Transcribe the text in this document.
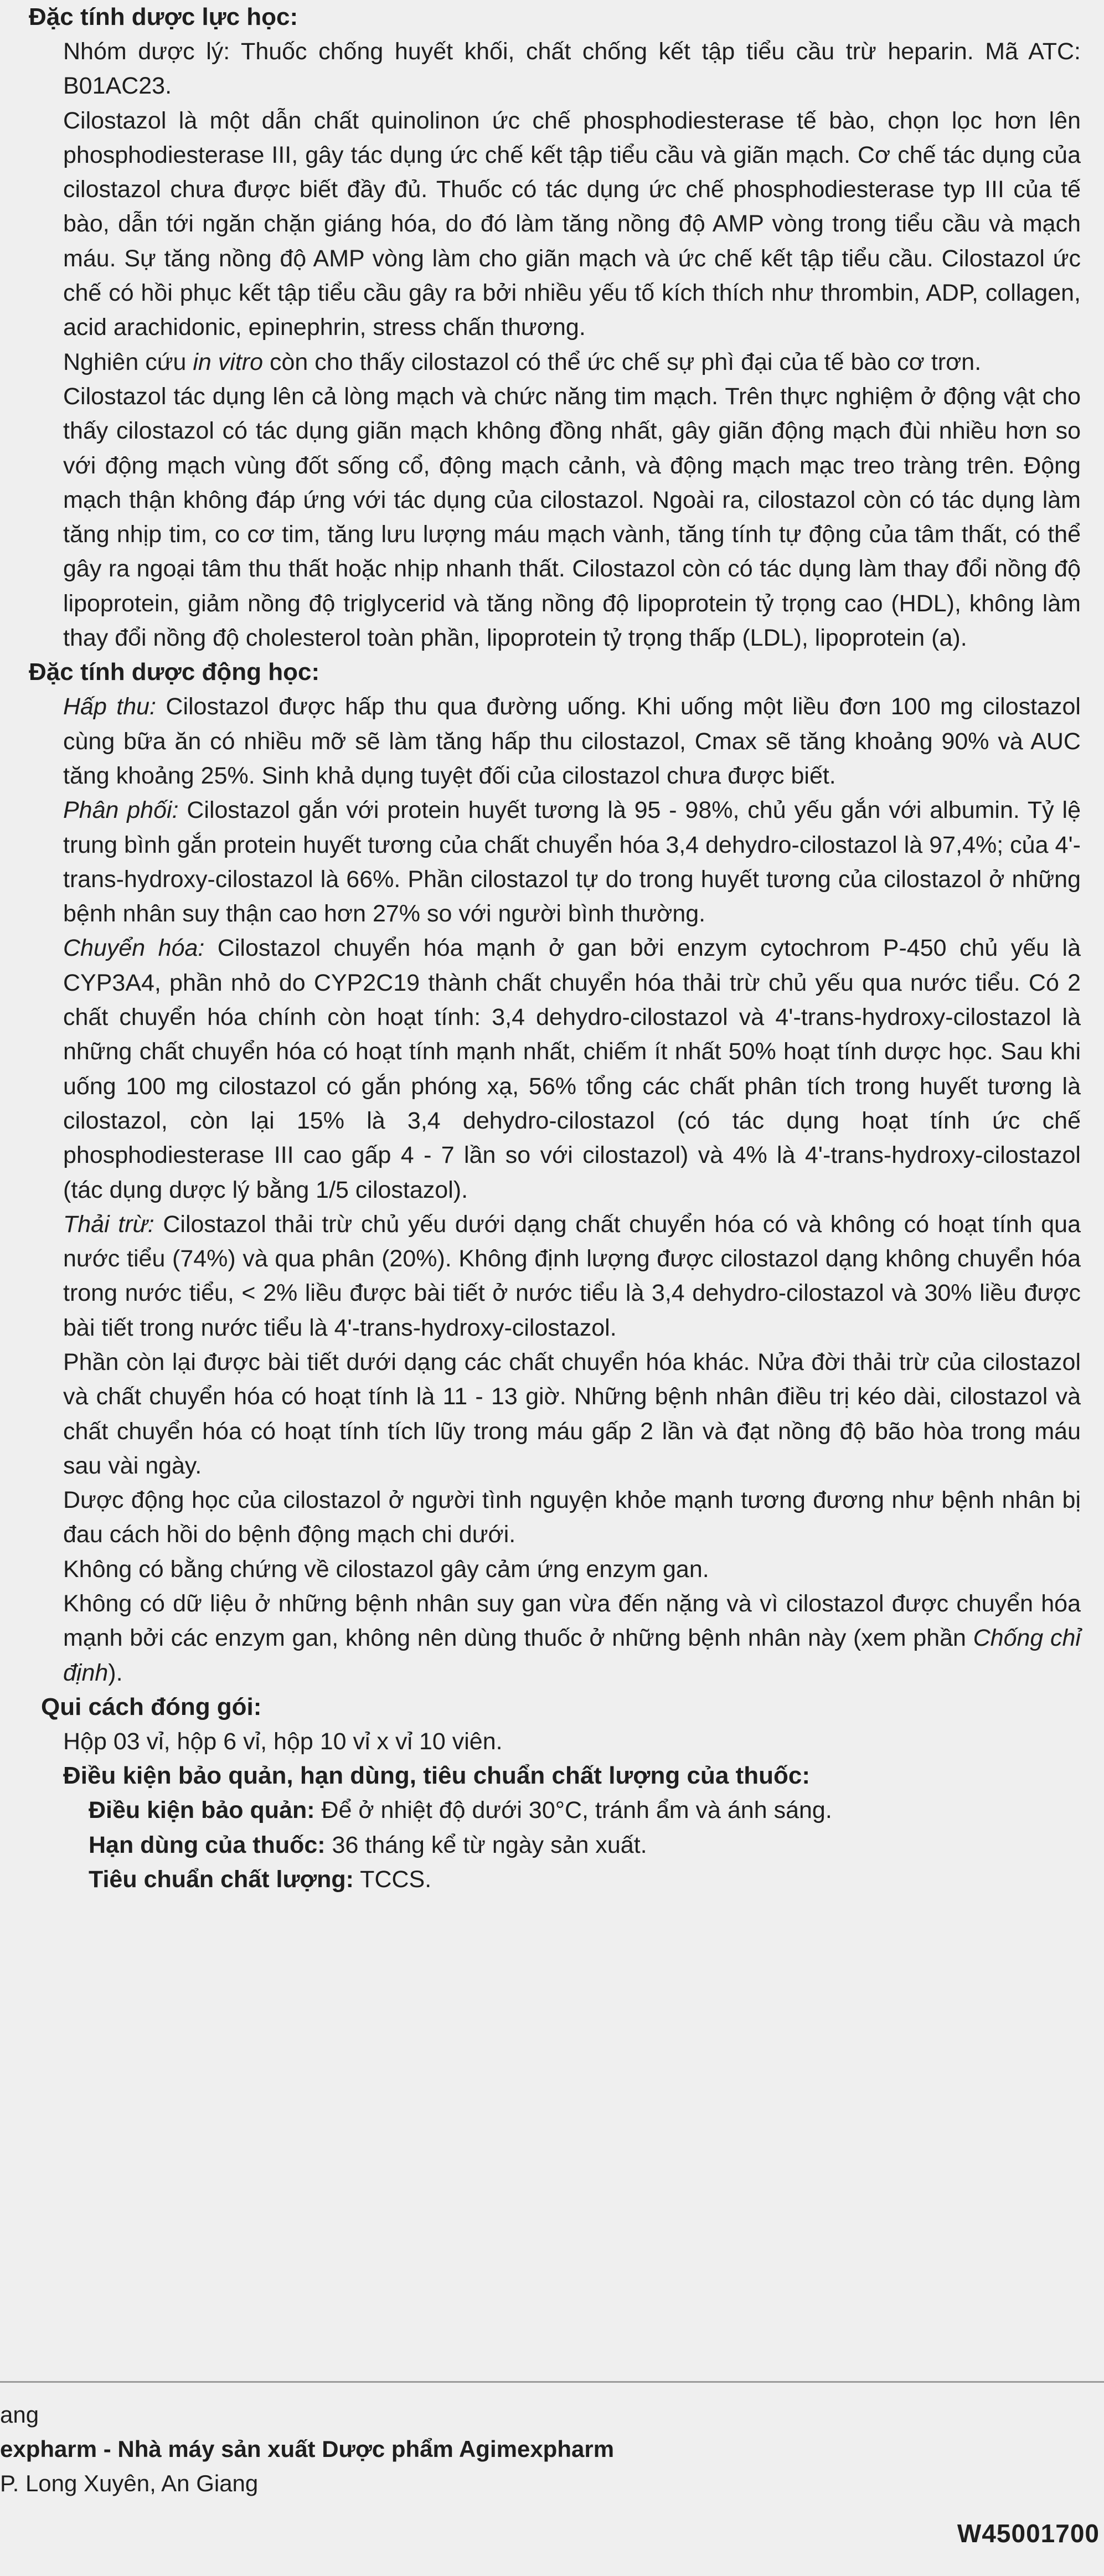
Đặc tính dược lực học:

Nhóm dược lý: Thuốc chống huyết khối, chất chống kết tập tiểu cầu trừ heparin. Mã ATC: B01AC23.

Cilostazol là một dẫn chất quinolinon ức chế phosphodiesterase tế bào, chọn lọc hơn lên phosphodiesterase III, gây tác dụng ức chế kết tập tiểu cầu và giãn mạch. Cơ chế tác dụng của cilostazol chưa được biết đầy đủ. Thuốc có tác dụng ức chế phosphodiesterase typ III của tế bào, dẫn tới ngăn chặn giáng hóa, do đó làm tăng nồng độ AMP vòng trong tiểu cầu và mạch máu. Sự tăng nồng độ AMP vòng làm cho giãn mạch và ức chế kết tập tiểu cầu. Cilostazol ức chế có hồi phục kết tập tiểu cầu gây ra bởi nhiều yếu tố kích thích như thrombin, ADP, collagen, acid arachidonic, epinephrin, stress chấn thương.

Nghiên cứu in vitro còn cho thấy cilostazol có thể ức chế sự phì đại của tế bào cơ trơn.

Cilostazol tác dụng lên cả lòng mạch và chức năng tim mạch. Trên thực nghiệm ở động vật cho thấy cilostazol có tác dụng giãn mạch không đồng nhất, gây giãn động mạch đùi nhiều hơn so với động mạch vùng đốt sống cổ, động mạch cảnh, và động mạch mạc treo tràng trên. Động mạch thận không đáp ứng với tác dụng của cilostazol. Ngoài ra, cilostazol còn có tác dụng làm tăng nhịp tim, co cơ tim, tăng lưu lượng máu mạch vành, tăng tính tự động của tâm thất, có thể gây ra ngoại tâm thu thất hoặc nhịp nhanh thất. Cilostazol còn có tác dụng làm thay đổi nồng độ lipoprotein, giảm nồng độ triglycerid và tăng nồng độ lipoprotein tỷ trọng cao (HDL), không làm thay đổi nồng độ cholesterol toàn phần, lipoprotein tỷ trọng thấp (LDL), lipoprotein (a).

Đặc tính dược động học:

Hấp thu: Cilostazol được hấp thu qua đường uống. Khi uống một liều đơn 100 mg cilostazol cùng bữa ăn có nhiều mỡ sẽ làm tăng hấp thu cilostazol, Cmax sẽ tăng khoảng 90% và AUC tăng khoảng 25%. Sinh khả dụng tuyệt đối của cilostazol chưa được biết.

Phân phối: Cilostazol gắn với protein huyết tương là 95 - 98%, chủ yếu gắn với albumin. Tỷ lệ trung bình gắn protein huyết tương của chất chuyển hóa 3,4 dehydro-cilostazol là 97,4%; của 4'-trans-hydroxy-cilostazol là 66%. Phần cilostazol tự do trong huyết tương của cilostazol ở những bệnh nhân suy thận cao hơn 27% so với người bình thường.

Chuyển hóa: Cilostazol chuyển hóa mạnh ở gan bởi enzym cytochrom P-450 chủ yếu là CYP3A4, phần nhỏ do CYP2C19 thành chất chuyển hóa thải trừ chủ yếu qua nước tiểu. Có 2 chất chuyển hóa chính còn hoạt tính: 3,4 dehydro-cilostazol và 4'-trans-hydroxy-cilostazol là những chất chuyển hóa có hoạt tính mạnh nhất, chiếm ít nhất 50% hoạt tính dược học. Sau khi uống 100 mg cilostazol có gắn phóng xạ, 56% tổng các chất phân tích trong huyết tương là cilostazol, còn lại 15% là 3,4 dehydro-cilostazol (có tác dụng hoạt tính ức chế phosphodiesterase III cao gấp 4 - 7 lần so với cilostazol) và 4% là 4'-trans-hydroxy-cilostazol (tác dụng dược lý bằng 1/5 cilostazol).

Thải trừ: Cilostazol thải trừ chủ yếu dưới dạng chất chuyển hóa có và không có hoạt tính qua nước tiểu (74%) và qua phân (20%). Không định lượng được cilostazol dạng không chuyển hóa trong nước tiểu, < 2% liều được bài tiết ở nước tiểu là 3,4 dehydro-cilostazol và 30% liều được bài tiết trong nước tiểu là 4'-trans-hydroxy-cilostazol.

Phần còn lại được bài tiết dưới dạng các chất chuyển hóa khác. Nửa đời thải trừ của cilostazol và chất chuyển hóa có hoạt tính là 11 - 13 giờ. Những bệnh nhân điều trị kéo dài, cilostazol và chất chuyển hóa có hoạt tính tích lũy trong máu gấp 2 lần và đạt nồng độ bão hòa trong máu sau vài ngày.

Dược động học của cilostazol ở người tình nguyện khỏe mạnh tương đương như bệnh nhân bị đau cách hồi do bệnh động mạch chi dưới.

Không có bằng chứng về cilostazol gây cảm ứng enzym gan.

Không có dữ liệu ở những bệnh nhân suy gan vừa đến nặng và vì cilostazol được chuyển hóa mạnh bởi các enzym gan, không nên dùng thuốc ở những bệnh nhân này (xem phần Chống chỉ định).

Qui cách đóng gói:

Hộp 03 vỉ, hộp 6 vỉ, hộp 10 vỉ x vỉ 10 viên.

Điều kiện bảo quản, hạn dùng, tiêu chuẩn chất lượng của thuốc:

Điều kiện bảo quản: Để ở nhiệt độ dưới 30°C, tránh ẩm và ánh sáng.

Hạn dùng của thuốc: 36 tháng kể từ ngày sản xuất.

Tiêu chuẩn chất lượng: TCCS.

ang
expharm - Nhà máy sản xuất Dược phẩm Agimexpharm
P. Long Xuyên, An Giang
W45001700
